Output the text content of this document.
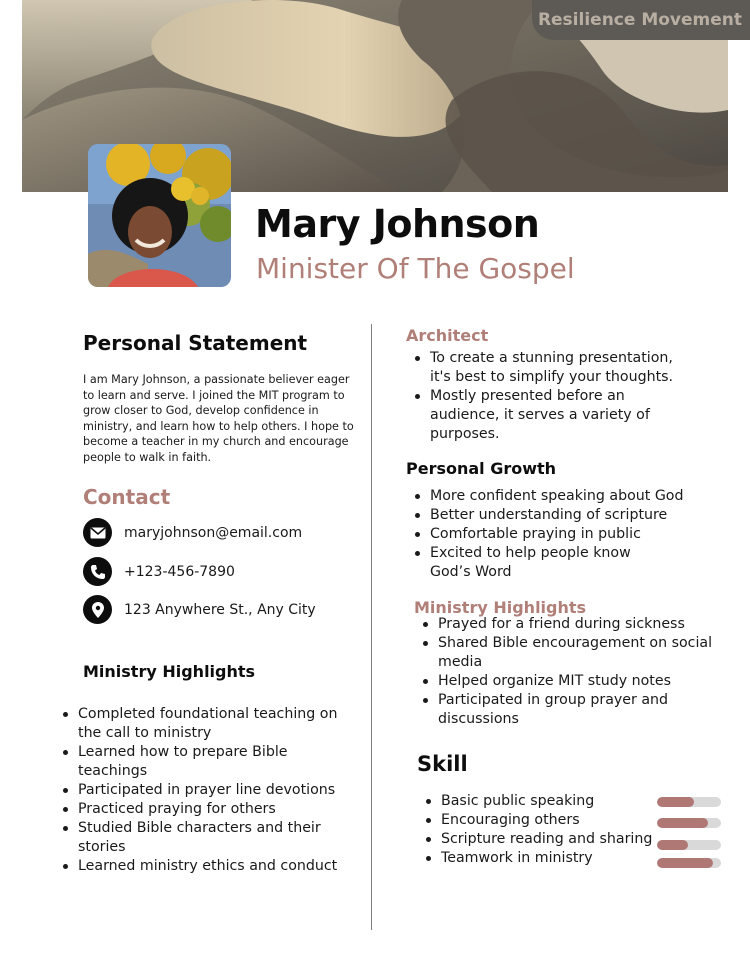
Resilience Movement
Mary Johnson
Minister Of The Gospel
Personal Statement
I am Mary Johnson, a passionate believer eager to learn and serve. I joined the MIT program to grow closer to God, develop confidence in ministry, and learn how to help others. I hope to become a teacher in my church and encourage people to walk in faith.
Contact
maryjohnson@email.com
+123-456-7890
123 Anywhere St., Any City
Ministry Highlights
Completed foundational teaching on the call to ministry
Learned how to prepare Bible teachings
Participated in prayer line devotions
Practiced praying for others
Studied Bible characters and their stories
Learned ministry ethics and conduct
Architect
To create a stunning presentation, it's best to simplify your thoughts.
Mostly presented before an audience, it serves a variety of purposes.
Personal Growth
More confident speaking about God
Better understanding of scripture
Comfortable praying in public
Excited to help people know God’s Word
Ministry Highlights
Prayed for a friend during sickness
Shared Bible encouragement on social media
Helped organize MIT study notes
Participated in group prayer and discussions
Skill
Basic public speaking
Encouraging others
Scripture reading and sharing
Teamwork in ministry
